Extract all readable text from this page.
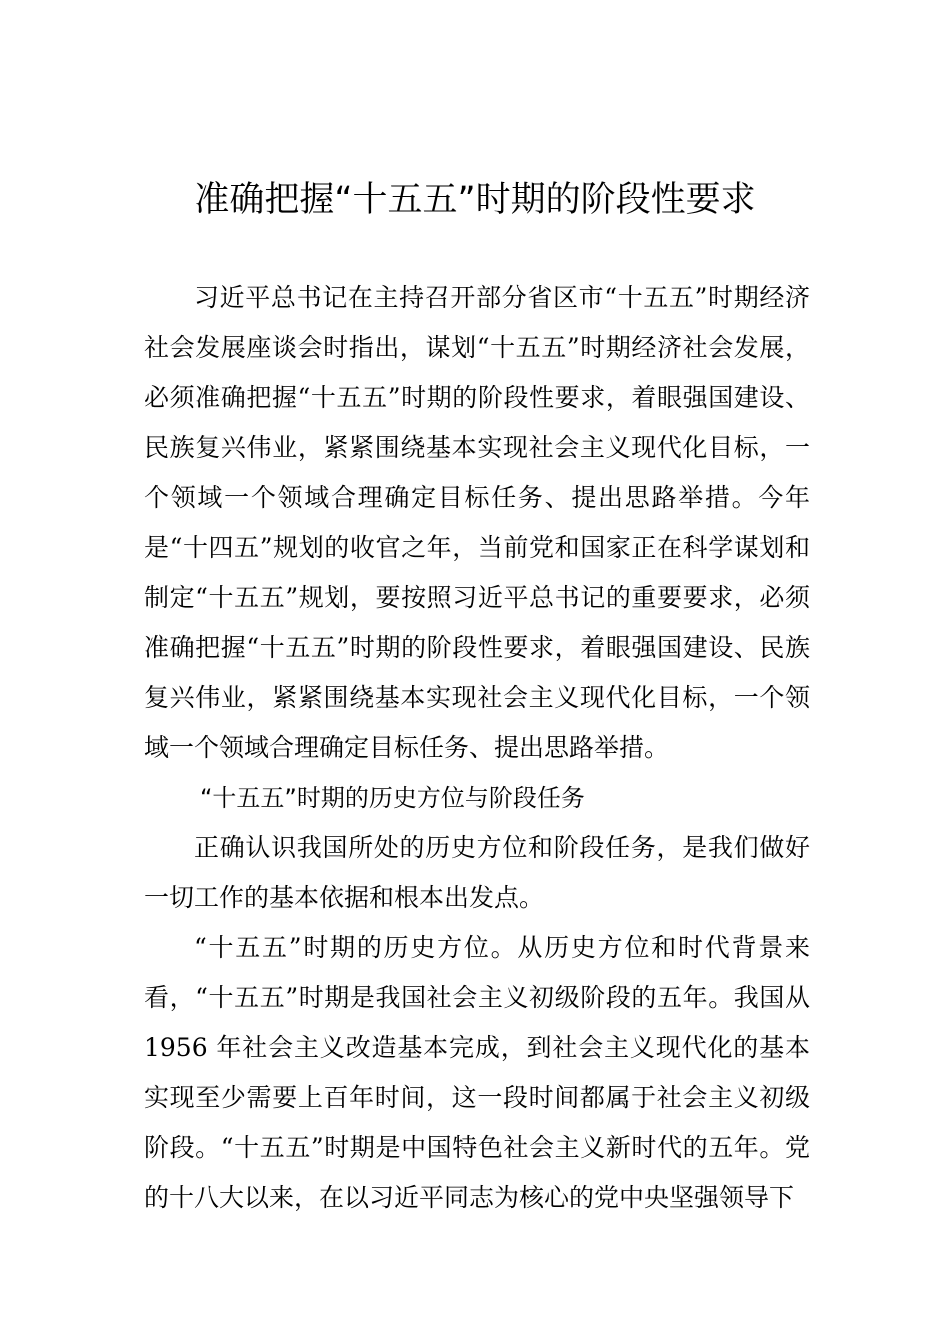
准确把握“十五五”时期的阶段性要求

习近平总书记在主持召开部分省区市“十五五”时期经济社会发展座谈会时指出，谋划“十五五”时期经济社会发展，必须准确把握“十五五”时期的阶段性要求，着眼强国建设、民族复兴伟业，紧紧围绕基本实现社会主义现代化目标，一个领域一个领域合理确定目标任务、提出思路举措。今年是“十四五”规划的收官之年，当前党和国家正在科学谋划和制定“十五五”规划，要按照习近平总书记的重要要求，必须准确把握“十五五”时期的阶段性要求，着眼强国建设、民族复兴伟业，紧紧围绕基本实现社会主义现代化目标，一个领域一个领域合理确定目标任务、提出思路举措。

“十五五”时期的历史方位与阶段任务

正确认识我国所处的历史方位和阶段任务，是我们做好一切工作的基本依据和根本出发点。

“十五五”时期的历史方位。从历史方位和时代背景来看，“十五五”时期是我国社会主义初级阶段的五年。我国从 1956 年社会主义改造基本完成，到社会主义现代化的基本实现至少需要上百年时间，这一段时间都属于社会主义初级阶段。“十五五”时期是中国特色社会主义新时代的五年。党的十八大以来，在以习近平同志为核心的党中央坚强领导下
